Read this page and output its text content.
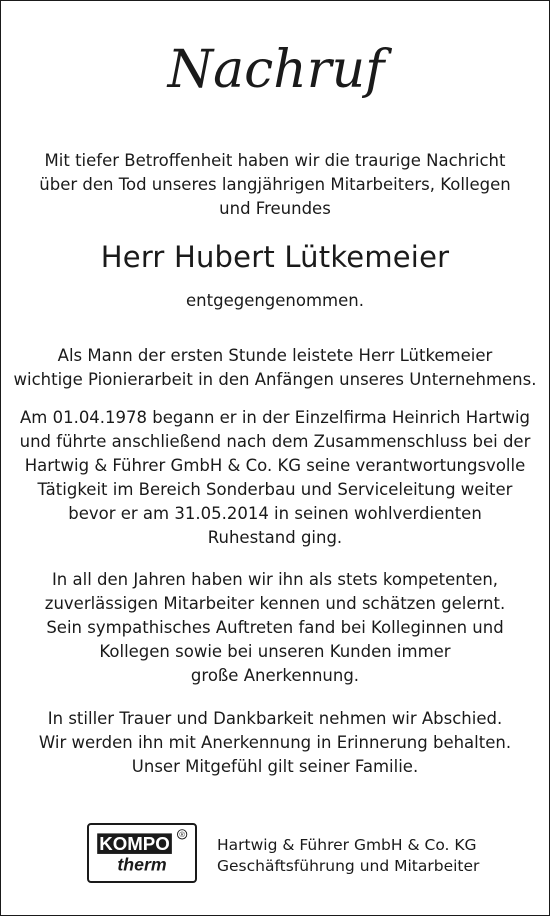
Nachruf
Mit tiefer Betroffenheit haben wir die traurige Nachricht
über den Tod unseres langjährigen Mitarbeiters, Kollegen
und Freundes
Herr Hubert Lütkemeier
entgegengenommen.
Als Mann der ersten Stunde leistete Herr Lütkemeier
wichtige Pionierarbeit in den Anfängen unseres Unternehmens.
Am 01.04.1978 begann er in der Einzelfirma Heinrich Hartwig
und führte anschließend nach dem Zusammenschluss bei der
Hartwig & Führer GmbH & Co. KG seine verantwortungsvolle
Tätigkeit im Bereich Sonderbau und Serviceleitung weiter
bevor er am 31.05.2014 in seinen wohlverdienten
Ruhestand ging.
In all den Jahren haben wir ihn als stets kompetenten,
zuverlässigen Mitarbeiter kennen und schätzen gelernt.
Sein sympathisches Auftreten fand bei Kolleginnen und
Kollegen sowie bei unseren Kunden immer
große Anerkennung.
In stiller Trauer und Dankbarkeit nehmen wir Abschied.
Wir werden ihn mit Anerkennung in Erinnerung behalten.
Unser Mitgefühl gilt seiner Familie.
KOMPO
therm
®
Hartwig & Führer GmbH & Co. KG
Geschäftsführung und Mitarbeiter
